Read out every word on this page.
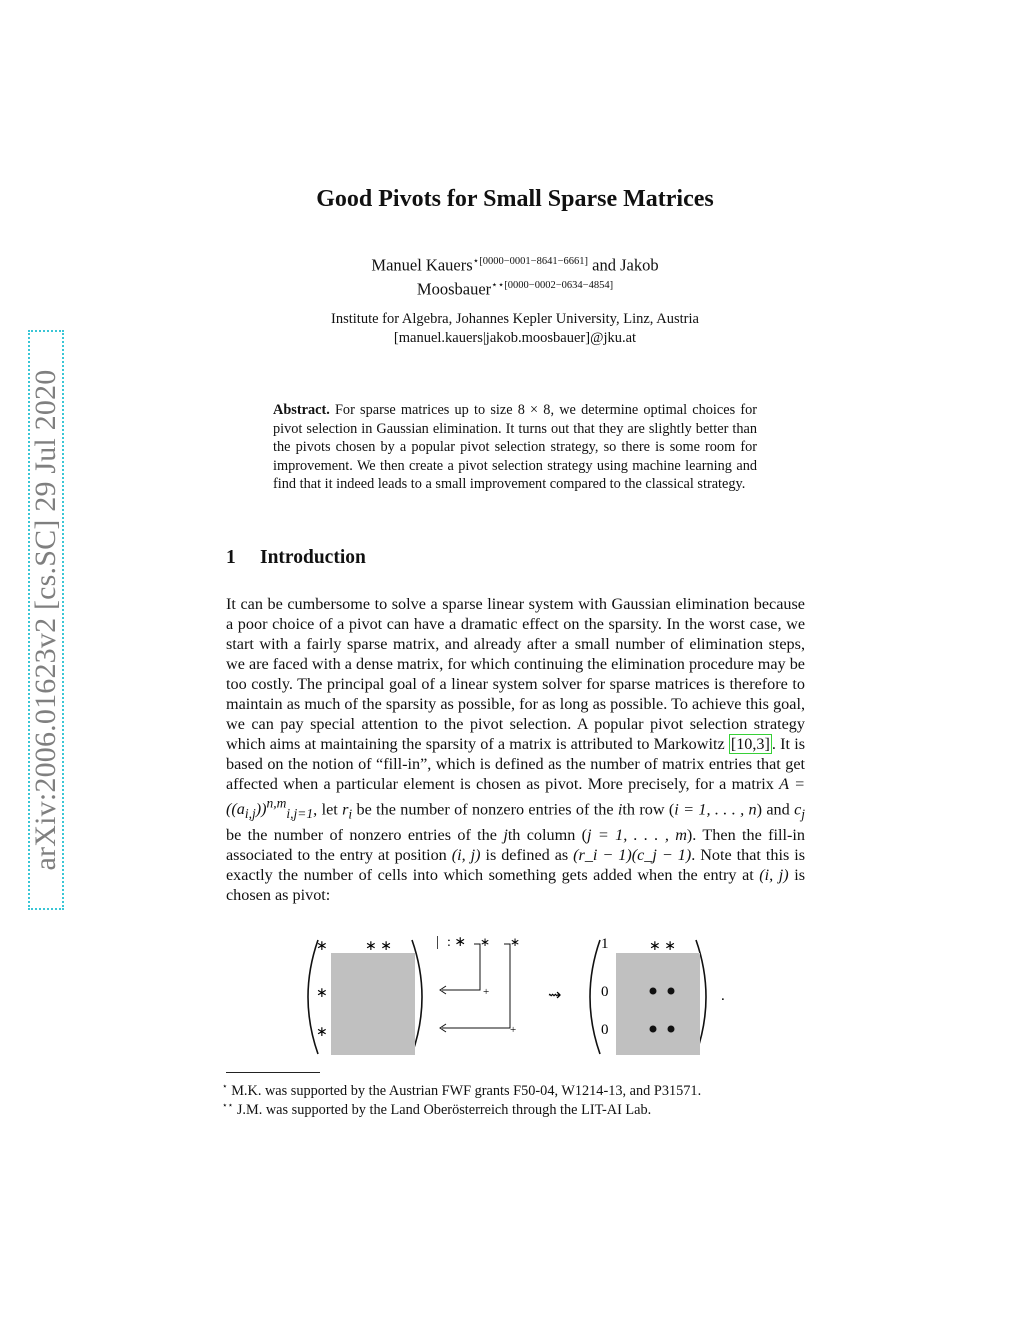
arXiv:2006.01623v2 [cs.SC] 29 Jul 2020
Good Pivots for Small Sparse Matrices
Manuel Kauers$^{⋆[0000-0001-8641-6661]}$ and Jakob
Moosbauer$^{⋆⋆[0000-0002-0634-4854]}$
Institute for Algebra, Johannes Kepler University, Linz, Austria
[manuel.kauers|jakob.moosbauer]@jku.at
Abstract. For sparse matrices up to size 8 × 8, we determine optimal choices for pivot selection in Gaussian elimination. It turns out that they are slightly better than the pivots chosen by a popular pivot selection strategy, so there is some room for improvement. We then create a pivot selection strategy using machine learning and find that it indeed leads to a small improvement compared to the classical strategy.
1 Introduction

It can be cumbersome to solve a sparse linear system with Gaussian elimination because a poor choice of a pivot can have a dramatic effect on the sparsity. In the worst case, we start with a fairly sparse matrix, and already after a small number of elimination steps, we are faced with a dense matrix, for which continuing the elimination procedure may be too costly. The principal goal of a linear system solver for sparse matrices is therefore to maintain as much of the sparsity as possible, for as long as possible. To achieve this goal, we can pay special attention to the pivot selection. A popular pivot selection strategy which aims at maintaining the sparsity of a matrix is attributed to Markowitz [10,3] . It is based on the notion of “fill-in”, which is defined as the number of matrix entries that get affected when a particular element is chosen as pivot. More precisely, for a matrix $A = ((a_{i,j}))^{n,m}_{i,j=1}$, let $r_i$ be the number of nonzero entries of the ith row (i = 1, . . . , n) and $c_j$ be the number of nonzero entries of the jth column (j = 1, . . . , m). Then the fill-in associated to the entry at position (i, j) is defined as (r_i − 1)(c_j − 1). Note that this is exactly the number of cells into which something gets added when the entry at (i, j) is chosen as pivot:

∗	∗ ∗
∗
∗
| : ∗ ∗ ∗
+
+
⇝
1	∗ ∗
0
0
.
⋆ M.K. was supported by the Austrian FWF grants F50-04, W1214-13, and P31571.
⋆⋆ J.M. was supported by the Land Oberösterreich through the LIT-AI Lab.
